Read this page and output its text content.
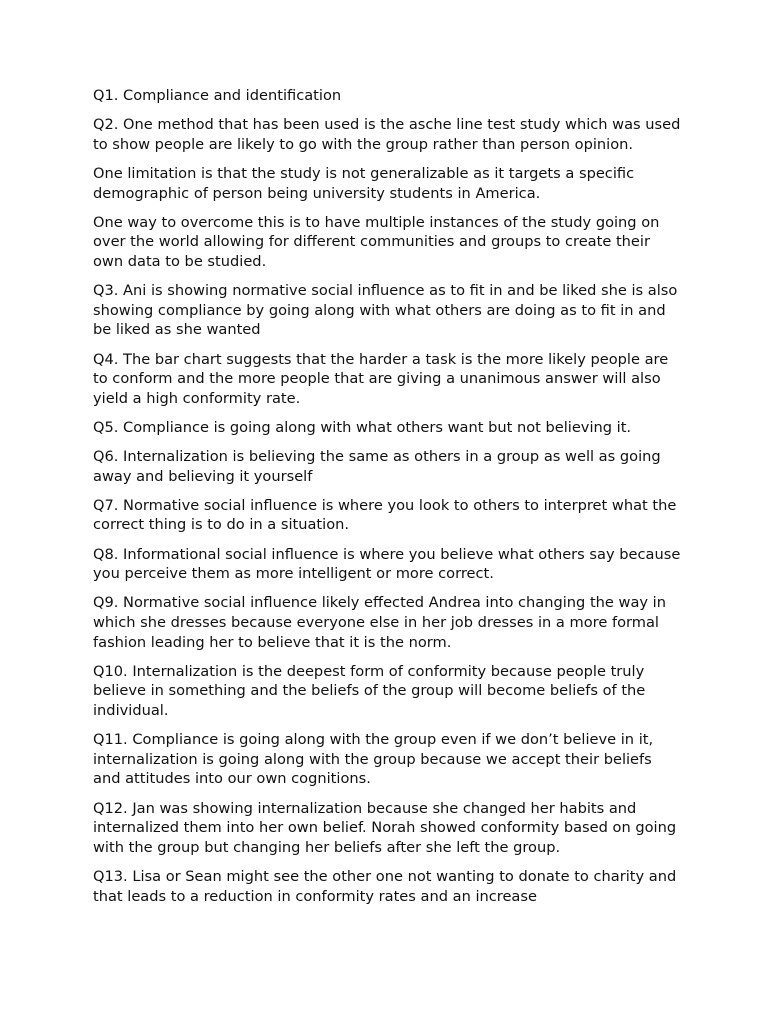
Q1. Compliance and identification

Q2. One method that has been used is the asche line test study which was used to show people are likely to go with the group rather than person opinion.

One limitation is that the study is not generalizable as it targets a specific demographic of person being university students in America.

One way to overcome this is to have multiple instances of the study going on over the world allowing for different communities and groups to create their own data to be studied.

Q3. Ani is showing normative social influence as to fit in and be liked she is also showing compliance by going along with what others are doing as to fit in and be liked as she wanted

Q4. The bar chart suggests that the harder a task is the more likely people are to conform and the more people that are giving a unanimous answer will also yield a high conformity rate.

Q5. Compliance is going along with what others want but not believing it.

Q6. Internalization is believing the same as others in a group as well as going away and believing it yourself

Q7. Normative social influence is where you look to others to interpret what the correct thing is to do in a situation.

Q8. Informational social influence is where you believe what others say because you perceive them as more intelligent or more correct.

Q9. Normative social influence likely effected Andrea into changing the way in which she dresses because everyone else in her job dresses in a more formal fashion leading her to believe that it is the norm.

Q10. Internalization is the deepest form of conformity because people truly believe in something and the beliefs of the group will become beliefs of the individual.

Q11. Compliance is going along with the group even if we don’t believe in it, internalization is going along with the group because we accept their beliefs and attitudes into our own cognitions.

Q12. Jan was showing internalization because she changed her habits and internalized them into her own belief. Norah showed conformity based on going with the group but changing her beliefs after she left the group.

Q13. Lisa or Sean might see the other one not wanting to donate to charity and that leads to a reduction in conformity rates and an increase
